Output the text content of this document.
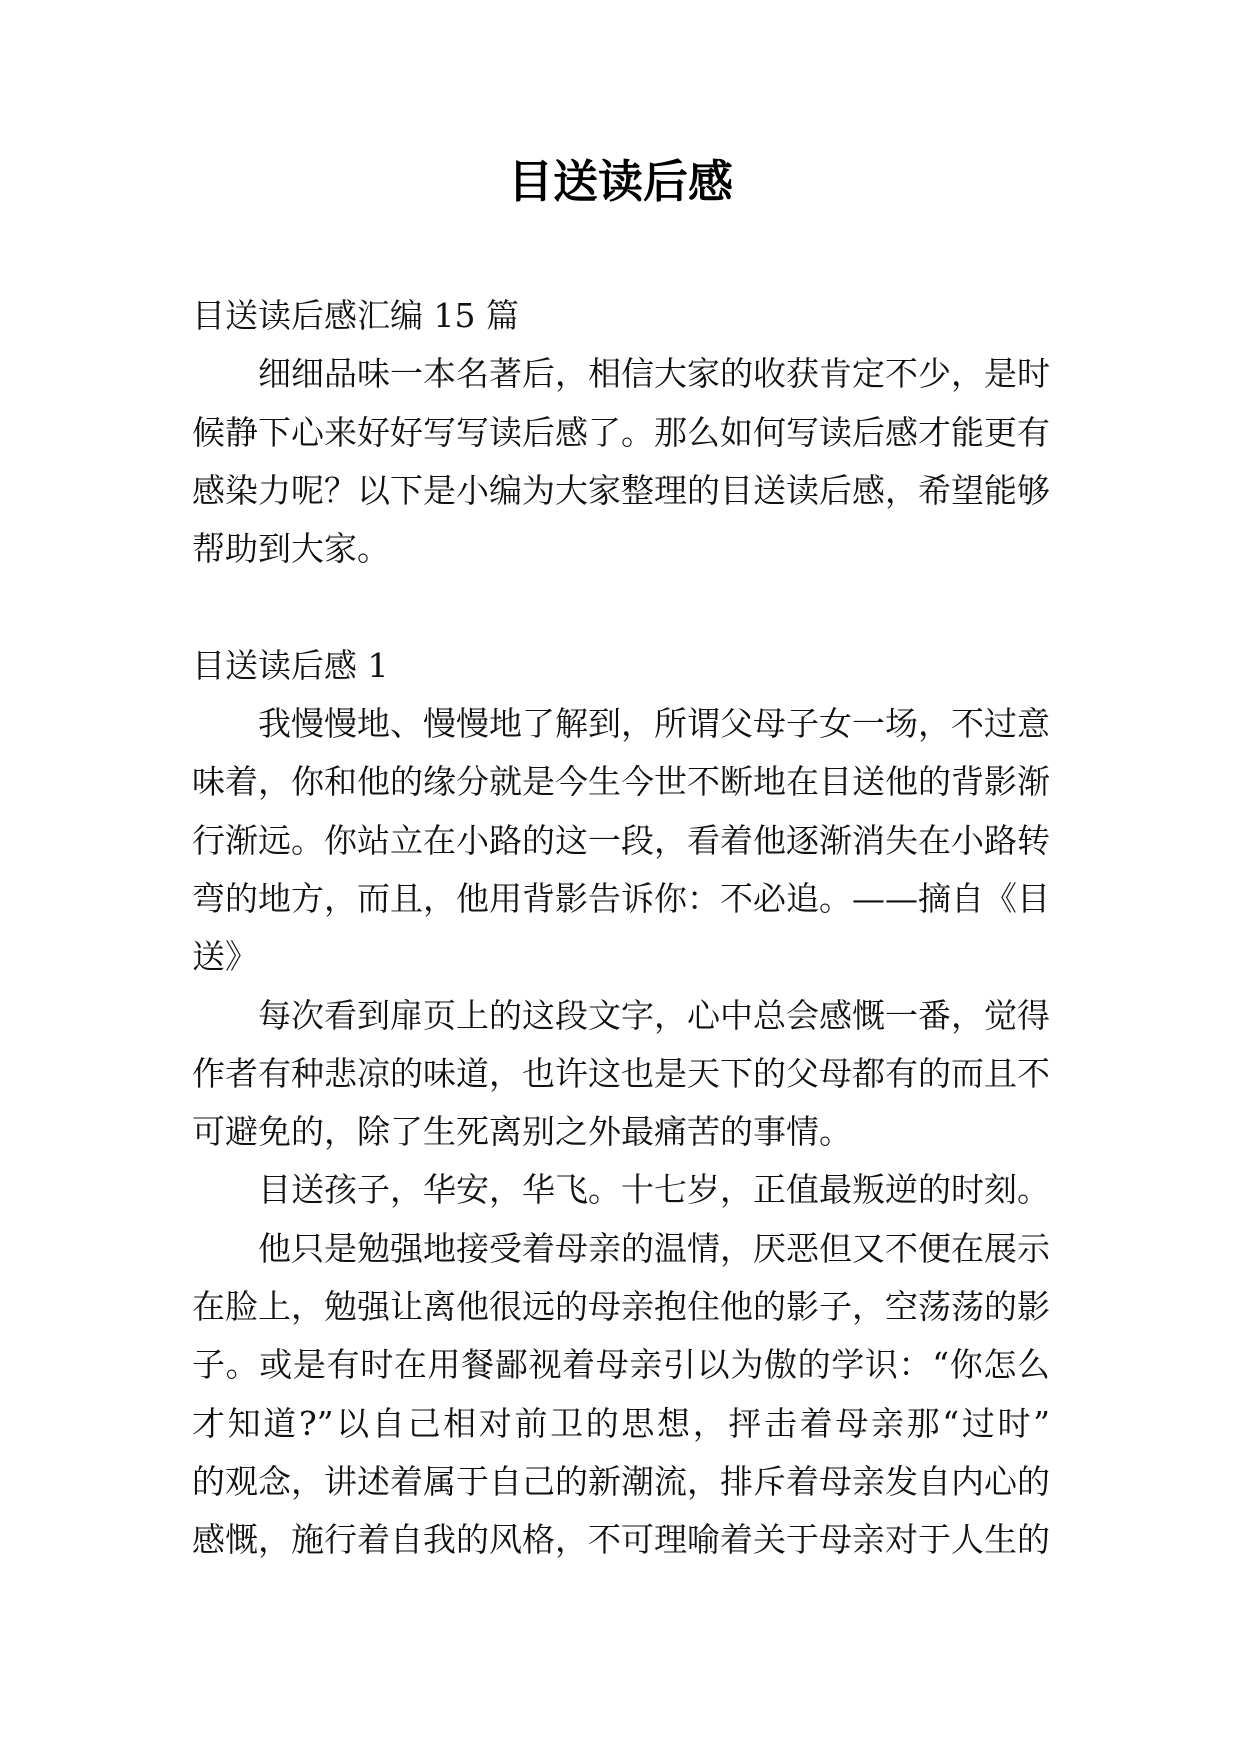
目送读后感
目送读后感汇编 15 篇
细细品味一本名著后，相信大家的收获肯定不少，是时
候静下心来好好写写读后感了。那么如何写读后感才能更有
感染力呢？以下是小编为大家整理的目送读后感，希望能够
帮助到大家。
目送读后感 1
我慢慢地、慢慢地了解到，所谓父母子女一场，不过意
味着，你和他的缘分就是今生今世不断地在目送他的背影渐
行渐远。你站立在小路的这一段，看着他逐渐消失在小路转
弯的地方，而且，他用背影告诉你：不必追。——摘自《目
送》
每次看到扉页上的这段文字，心中总会感慨一番，觉得
作者有种悲凉的味道，也许这也是天下的父母都有的而且不
可避免的，除了生死离别之外最痛苦的事情。
目送孩子，华安，华飞。十七岁，正值最叛逆的时刻。
他只是勉强地接受着母亲的温情，厌恶但又不便在展示
在脸上，勉强让离他很远的母亲抱住他的影子，空荡荡的影
子。或是有时在用餐鄙视着母亲引以为傲的学识：“你怎么
才知道?”以自己相对前卫的思想，抨击着母亲那“过时”
的观念，讲述着属于自己的新潮流，排斥着母亲发自内心的
感慨，施行着自我的风格，不可理喻着关于母亲对于人生的
